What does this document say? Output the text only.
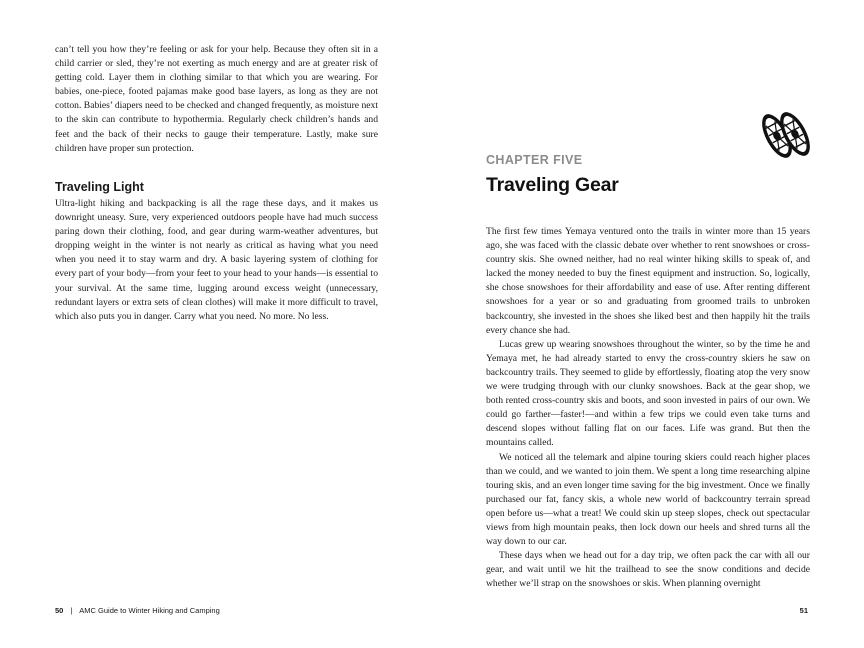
can’t tell you how they’re feeling or ask for your help. Because they often sit in a child carrier or sled, they’re not exerting as much energy and are at greater risk of getting cold. Layer them in clothing similar to that which you are wearing. For babies, one-piece, footed pajamas make good base layers, as long as they are not cotton. Babies’ diapers need to be checked and changed frequently, as moisture next to the skin can contribute to hypothermia. Regularly check children’s hands and feet and the back of their necks to gauge their temperature. Lastly, make sure children have proper sun protection.

Traveling Light

Ultra-light hiking and backpacking is all the rage these days, and it makes us downright uneasy. Sure, very experienced outdoors people have had much success paring down their clothing, food, and gear during warm-weather adventures, but dropping weight in the winter is not nearly as critical as having what you need when you need it to stay warm and dry. A basic layering system of clothing for every part of your body—from your feet to your head to your hands—is essential to your survival. At the same time, lugging around excess weight (unnecessary, redundant layers or extra sets of clean clothes) will make it more difficult to travel, which also puts you in danger. Carry what you need. No more. No less.

50 | AMC Guide to Winter Hiking and Camping
CHAPTER FIVE
Traveling Gear

The first few times Yemaya ventured onto the trails in winter more than 15 years ago, she was faced with the classic debate over whether to rent snowshoes or cross-country skis. She owned neither, had no real winter hiking skills to speak of, and lacked the money needed to buy the finest equipment and instruction. So, logically, she chose snowshoes for their affordability and ease of use. After renting different snowshoes for a year or so and graduating from groomed trails to unbroken backcountry, she invested in the shoes she liked best and then happily hit the trails every chance she had.

Lucas grew up wearing snowshoes throughout the winter, so by the time he and Yemaya met, he had already started to envy the cross-country skiers he saw on backcountry trails. They seemed to glide by effortlessly, floating atop the very snow we were trudging through with our clunky snowshoes. Back at the gear shop, we both rented cross-country skis and boots, and soon invested in pairs of our own. We could go farther—faster!—and within a few trips we could even take turns and descend slopes without falling flat on our faces. Life was grand. But then the mountains called.

We noticed all the telemark and alpine touring skiers could reach higher places than we could, and we wanted to join them. We spent a long time researching alpine touring skis, and an even longer time saving for the big investment. Once we finally purchased our fat, fancy skis, a whole new world of backcountry terrain spread open before us—what a treat! We could skin up steep slopes, check out spectacular views from high mountain peaks, then lock down our heels and shred turns all the way down to our car.

These days when we head out for a day trip, we often pack the car with all our gear, and wait until we hit the trailhead to see the snow conditions and decide whether we’ll strap on the snowshoes or skis. When planning overnight

51
